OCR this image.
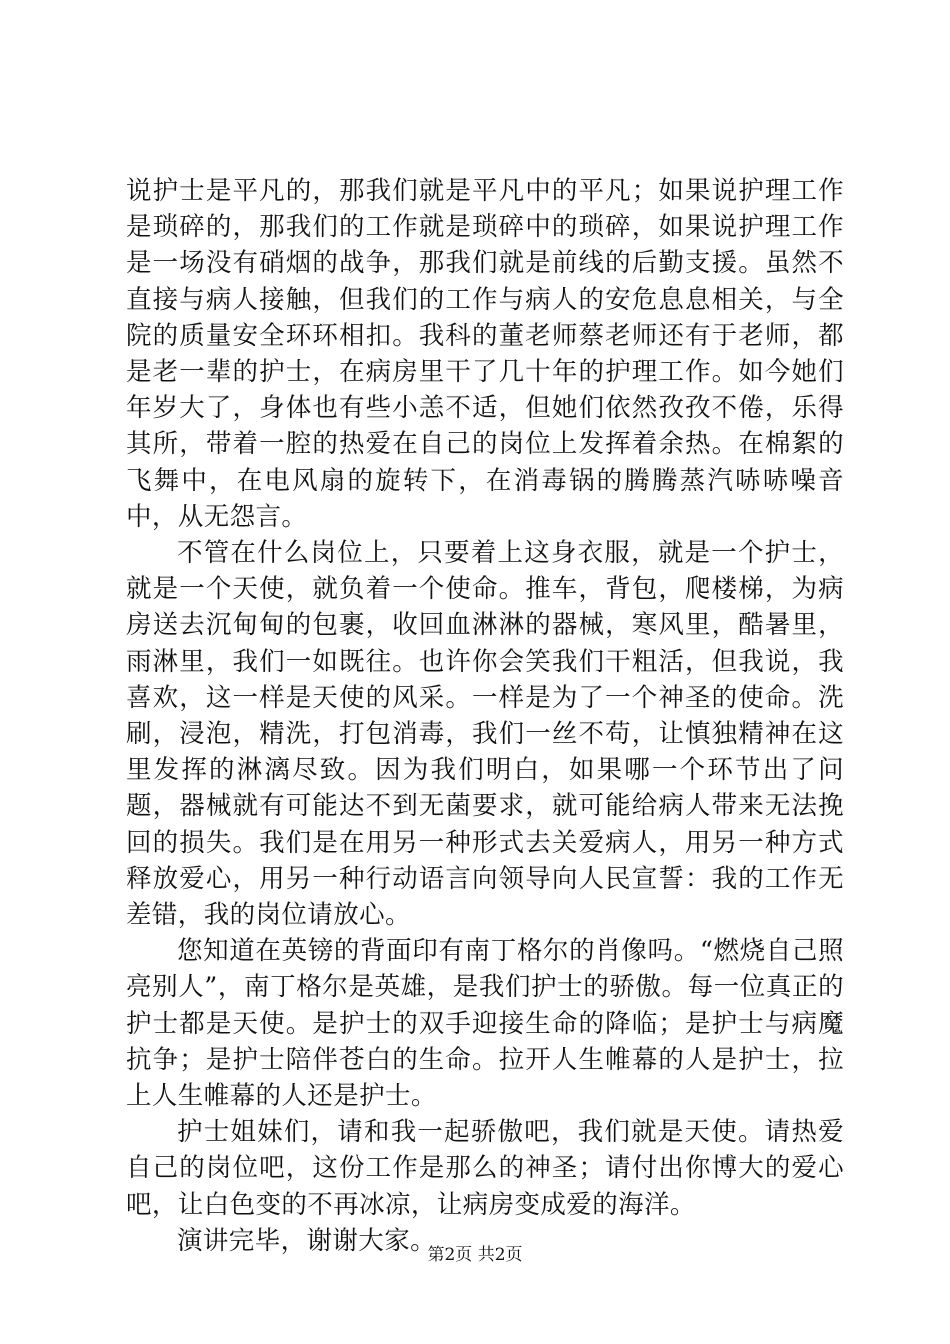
说护士是平凡的，那我们就是平凡中的平凡；如果说护理工作是琐碎的，那我们的工作就是琐碎中的琐碎，如果说护理工作是一场没有硝烟的战争，那我们就是前线的后勤支援。虽然不直接与病人接触，但我们的工作与病人的安危息息相关，与全院的质量安全环环相扣。我科的董老师蔡老师还有于老师，都是老一辈的护士，在病房里干了几十年的护理工作。如今她们年岁大了，身体也有些小恙不适，但她们依然孜孜不倦，乐得其所，带着一腔的热爱在自己的岗位上发挥着余热。在棉絮的飞舞中，在电风扇的旋转下，在消毒锅的腾腾蒸汽哧哧噪音中，从无怨言。

不管在什么岗位上，只要着上这身衣服，就是一个护士，就是一个天使，就负着一个使命。推车，背包，爬楼梯，为病房送去沉甸甸的包裹，收回血淋淋的器械，寒风里，酷暑里，雨淋里，我们一如既往。也许你会笑我们干粗活，但我说，我喜欢，这一样是天使的风采。一样是为了一个神圣的使命。洗刷，浸泡，精洗，打包消毒，我们一丝不苟，让慎独精神在这里发挥的淋漓尽致。因为我们明白，如果哪一个环节出了问题，器械就有可能达不到无菌要求，就可能给病人带来无法挽回的损失。我们是在用另一种形式去关爱病人，用另一种方式释放爱心，用另一种行动语言向领导向人民宣誓：我的工作无差错，我的岗位请放心。

您知道在英镑的背面印有南丁格尔的肖像吗。“燃烧自己照亮别人”，南丁格尔是英雄，是我们护士的骄傲。每一位真正的护士都是天使。是护士的双手迎接生命的降临；是护士与病魔抗争；是护士陪伴苍白的生命。拉开人生帷幕的人是护士，拉上人生帷幕的人还是护士。

护士姐妹们，请和我一起骄傲吧，我们就是天使。请热爱自己的岗位吧，这份工作是那么的神圣；请付出你博大的爱心吧，让白色变的不再冰凉，让病房变成爱的海洋。

演讲完毕，谢谢大家。

第2页 共2页
